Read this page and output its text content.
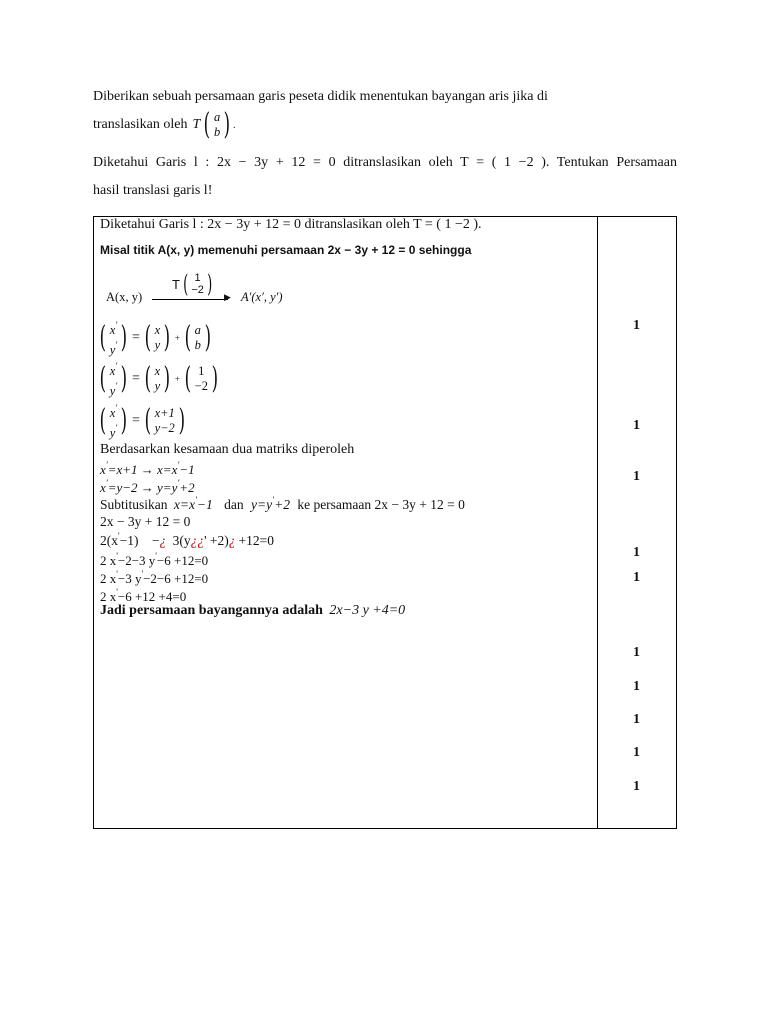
Diberikan sebuah persamaan garis peseta didik menentukan bayangan aris jika di
translasikan oleh T ( a
b ) .
Diketahui Garis l : 2x − 3y + 12 = 0 ditranslasikan oleh T = ( 1 −2 ). Tentukan Persamaan
hasil translasi garis l!
Diketahui Garis l : 2x − 3y + 12 = 0 ditranslasikan oleh T = ( 1 −2 ).
Misal titik A(x, y) memenuhi persamaan 2x − 3y + 12 = 0 sehingga
T ( 1
−2 )
A(x, y)	▶ A′(x′, y′)
( x'
y' ) = ( x
y ) + ( a
b )
( x'
y' ) = ( x
y ) + ( 1
−2 )
( x'
y' ) = ( x+1
y−2 )
Berdasarkan kesamaan dua matriks diperoleh
x'=x+1 → x=x'−1
x'=y−2 → y=y'+2
Subtitusikan x=x'−1 dan y=y'+2 ke persamaan 2x − 3y + 12 = 0
2x − 3y + 12 = 0
2(x'−1) −¿ 3(y¿¿' +2)¿ +12=0
2 x'−2−3 y'−6 +12=0
2 x'−3 y'−2−6 +12=0
2 x'−6 +12 +4=0
Jadi persamaan bayangannya adalah 2x−3 y +4=0
1
1
1
1
1
1
1
1
1
1
